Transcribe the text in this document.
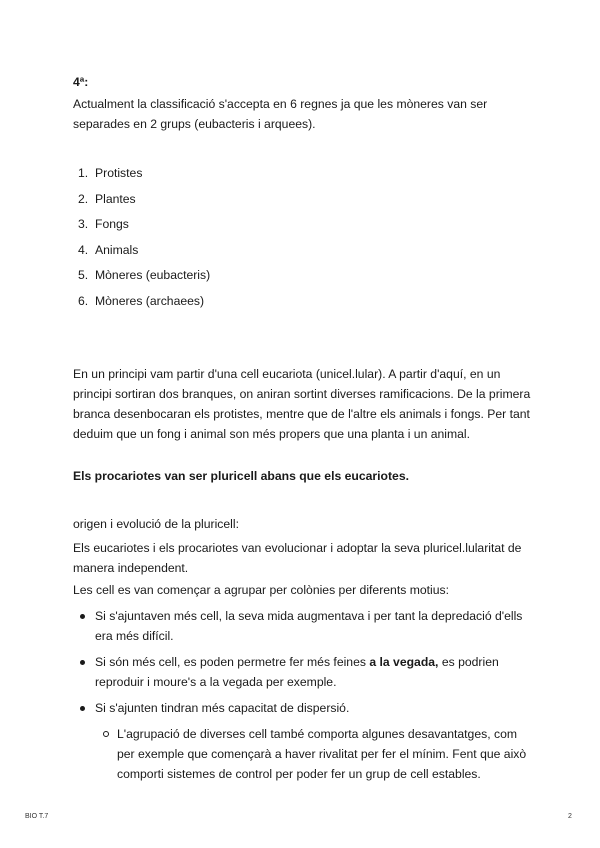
4ª:

Actualment la classificació s'accepta en 6 regnes ja que les mòneres van ser separades en 2 grups (eubacteris i arquees).

1. Protistes
2. Plantes
3. Fongs
4. Animals
5. Mòneres (eubacteris)
6. Mòneres (archaees)

En un principi vam partir d'una cell eucariota (unicel.lular). A partir d'aquí, en un principi sortiran dos branques, on aniran sortint diverses ramificacions. De la primera branca desenbocaran els protistes, mentre que de l'altre els animals i fongs. Per tant deduim que un fong i animal son més propers que una planta i un animal.

Els procariotes van ser pluricell abans que els eucariotes.

origen i evolució de la pluricell:

Els eucariotes i els procariotes van evolucionar i adoptar la seva pluricel.lularitat de manera independent.

Les cell es van començar a agrupar per colònies per diferents motius:

Si s'ajuntaven més cell, la seva mida augmentava i per tant la depredació d'ells era més difícil.
Si són més cell, es poden permetre fer més feines a la vegada, es podrien reproduir i moure's a la vegada per exemple.
Si s'ajunten tindran més capacitat de dispersió.
L'agrupació de diverses cell també comporta algunes desavantatges, com per exemple que començarà a haver rivalitat per fer el mínim. Fent que això comporti sistemes de control per poder fer un grup de cell estables.
BIO T.7	2
